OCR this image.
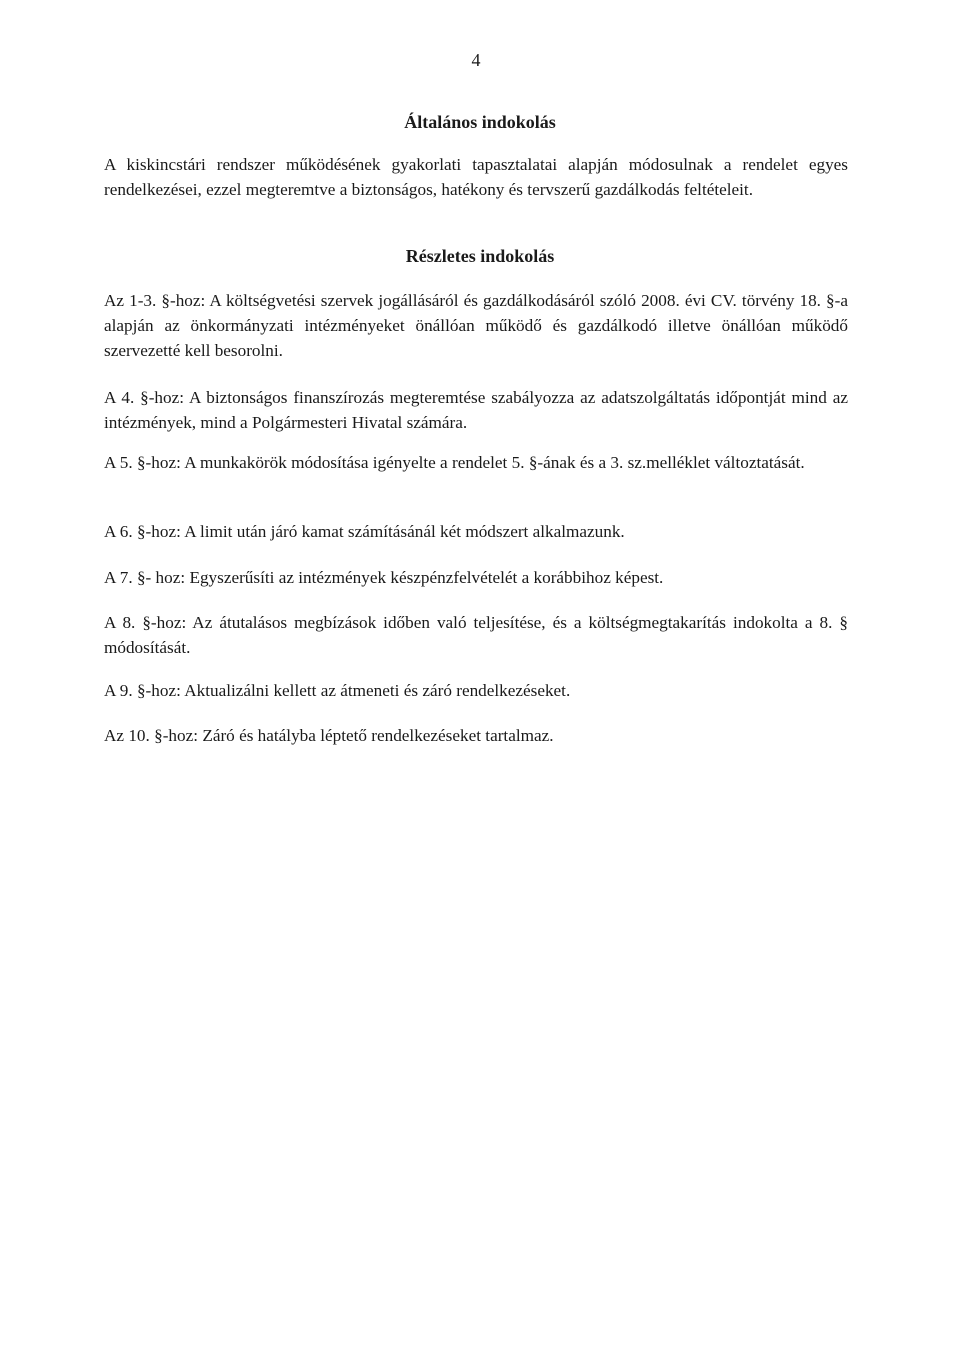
4
Általános indokolás

A kiskincstári rendszer működésének gyakorlati tapasztalatai alapján módosulnak a rendelet egyes rendelkezései, ezzel megteremtve a biztonságos, hatékony és tervszerű gazdálkodás feltételeit.

Részletes indokolás

Az 1-3. §-hoz: A költségvetési szervek jogállásáról és gazdálkodásáról szóló 2008. évi CV. törvény 18. §-a alapján az önkormányzati intézményeket önállóan működő és gazdálkodó illetve önállóan működő szervezetté kell besorolni.

A 4. §-hoz: A biztonságos finanszírozás megteremtése szabályozza az adatszolgáltatás időpontját mind az intézmények, mind a Polgármesteri Hivatal számára.

A 5. §-hoz: A munkakörök módosítása igényelte a rendelet 5. §-ának és a 3. sz.melléklet változtatását.

A 6. §-hoz: A limit után járó kamat számításánál két módszert alkalmazunk.

A 7. §- hoz: Egyszerűsíti az intézmények készpénzfelvételét a korábbihoz képest.

A 8. §-hoz: Az átutalásos megbízások időben való teljesítése, és a költségmegtakarítás indokolta a 8. § módosítását.

A 9. §-hoz: Aktualizálni kellett az átmeneti és záró rendelkezéseket.

Az 10. §-hoz: Záró és hatályba léptető rendelkezéseket tartalmaz.
